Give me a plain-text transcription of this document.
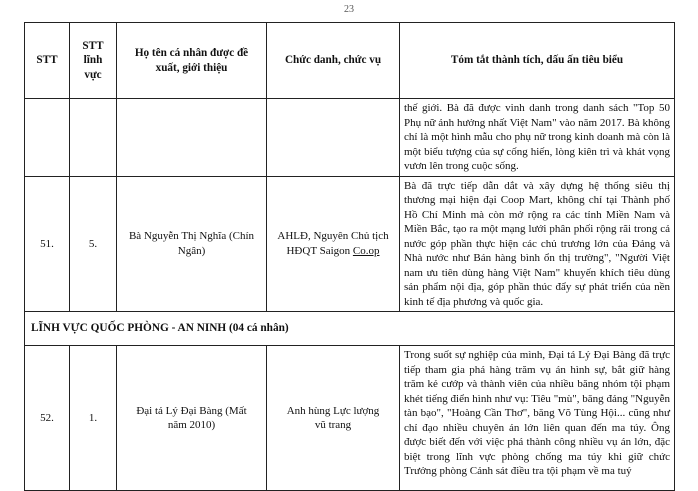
23
STT	STT lĩnh vực	Họ tên cá nhân được đề xuất, giới thiệu	Chức danh, chức vụ	Tóm tắt thành tích, dấu ấn tiêu biểu
				thế giới. Bà đã được vinh danh trong danh sách "Top 50 Phụ nữ ảnh hưởng nhất Việt Nam" vào năm 2017. Bà không chỉ là một hình mẫu cho phụ nữ trong kinh doanh mà còn là một biểu tượng của sự cống hiến, lòng kiên trì và khát vọng vươn lên trong cuộc sống.
51.	5.	Bà Nguyễn Thị Nghĩa (Chín Ngân)	AHLĐ, Nguyên Chủ tịch HĐQT Saigon Co.op	Bà đã trực tiếp dẫn dắt và xây dựng hệ thống siêu thị thương mại hiện đại Coop Mart, không chỉ tại Thành phố Hồ Chí Minh mà còn mở rộng ra các tỉnh Miền Nam và Miền Bắc, tạo ra một mạng lưới phân phối rộng rãi trong cả nước góp phần thực hiện các chủ trương lớn của Đảng và Nhà nước như Bán hàng bình ổn thị trường", "Người Việt nam ưu tiên dùng hàng Việt Nam" khuyến khích tiêu dùng sản phẩm nội địa, góp phần thúc đẩy sự phát triển của nền kinh tế địa phương và quốc gia.
LĨNH VỰC QUỐC PHÒNG - AN NINH (04 cá nhân)				
52.	1.	Đại tá Lý Đại Bàng (Mất năm 2010)	Anh hùng Lực lượng vũ trang	Trong suốt sự nghiệp của mình, Đại tá Lý Đại Bàng đã trực tiếp tham gia phá hàng trăm vụ án hình sự, bắt giữ hàng trăm kẻ cướp và thành viên của nhiều băng nhóm tội phạm khét tiếng điển hình như vụ: Tiêu "mù", băng đảng "Nguyễn tàn bạo", "Hoàng Cần Thơ", băng Võ Tùng Hội... cũng như chỉ đạo nhiều chuyên án lớn liên quan đến ma túy. Ông được biết đến với việc phá thành công nhiều vụ án lớn, đặc biệt trong lĩnh vực phòng chống ma túy khi giữ chức Trưởng phòng Cảnh sát điều tra tội phạm về ma tuý
